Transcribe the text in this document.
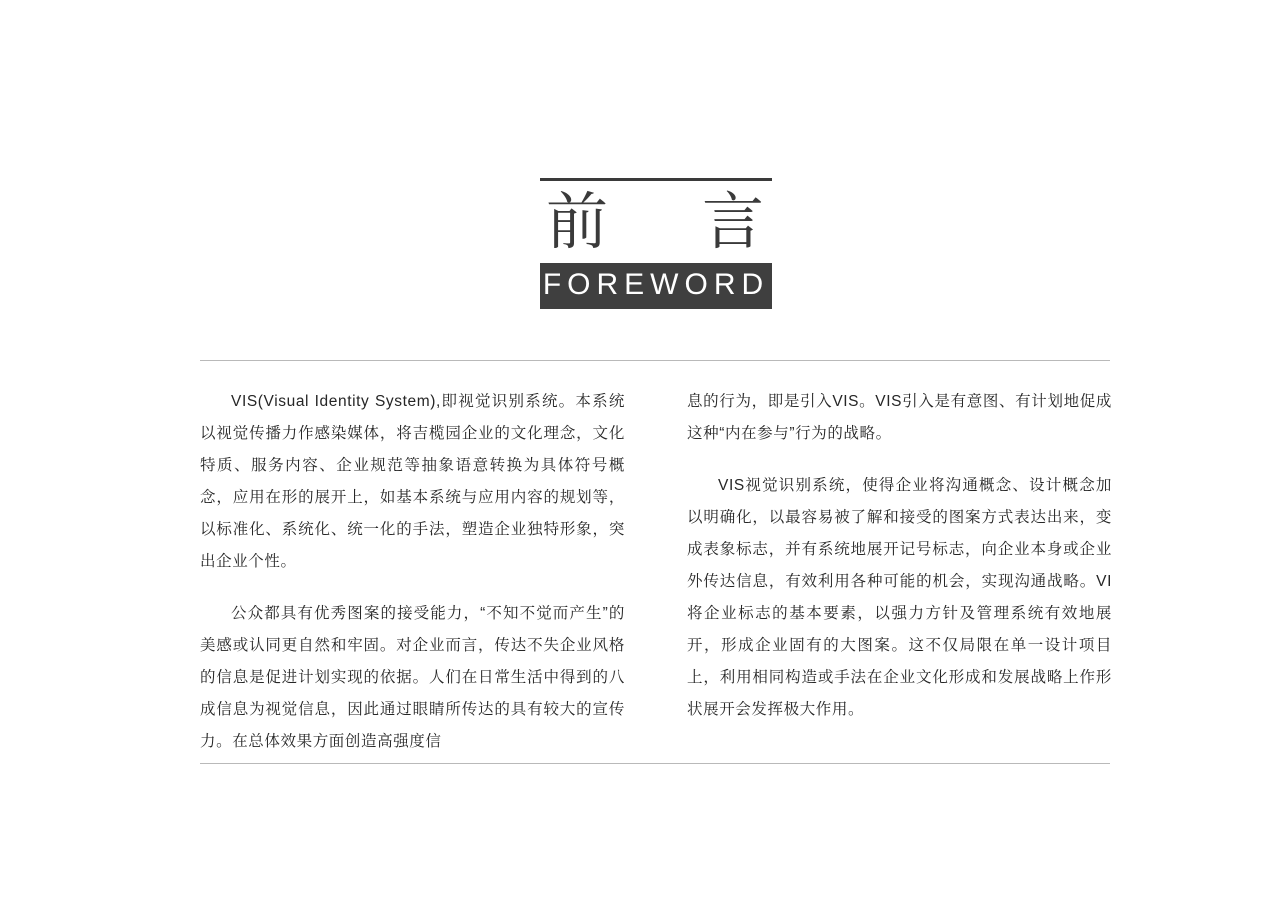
前 言
FOREWORD

VIS(Visual Identity System),即视觉识别系统。本系统以视觉传播力作感染媒体，将吉榄园企业的文化理念，文化特质、服务内容、企业规范等抽象语意转换为具体符号概念，应用在形的展开上，如基本系统与应用内容的规划等，以标准化、系统化、统一化的手法，塑造企业独特形象，突出企业个性。

公众都具有优秀图案的接受能力，“不知不觉而产生”的美感或认同更自然和牢固。对企业而言，传达不失企业风格的信息是促进计划实现的依据。人们在日常生活中得到的八成信息为视觉信息，因此通过眼睛所传达的具有较大的宣传力。在总体效果方面创造高强度信

息的行为，即是引入VIS。VIS引入是有意图、有计划地促成这种“内在参与”行为的战略。

VIS视觉识别系统，使得企业将沟通概念、设计概念加以明确化，以最容易被了解和接受的图案方式表达出来，变成表象标志，并有系统地展开记号标志，向企业本身或企业外传达信息，有效利用各种可能的机会，实现沟通战略。VI将企业标志的基本要素，以强力方针及管理系统有效地展开，形成企业固有的大图案。这不仅局限在单一设计项目上，利用相同构造或手法在企业文化形成和发展战略上作形状展开会发挥极大作用。
